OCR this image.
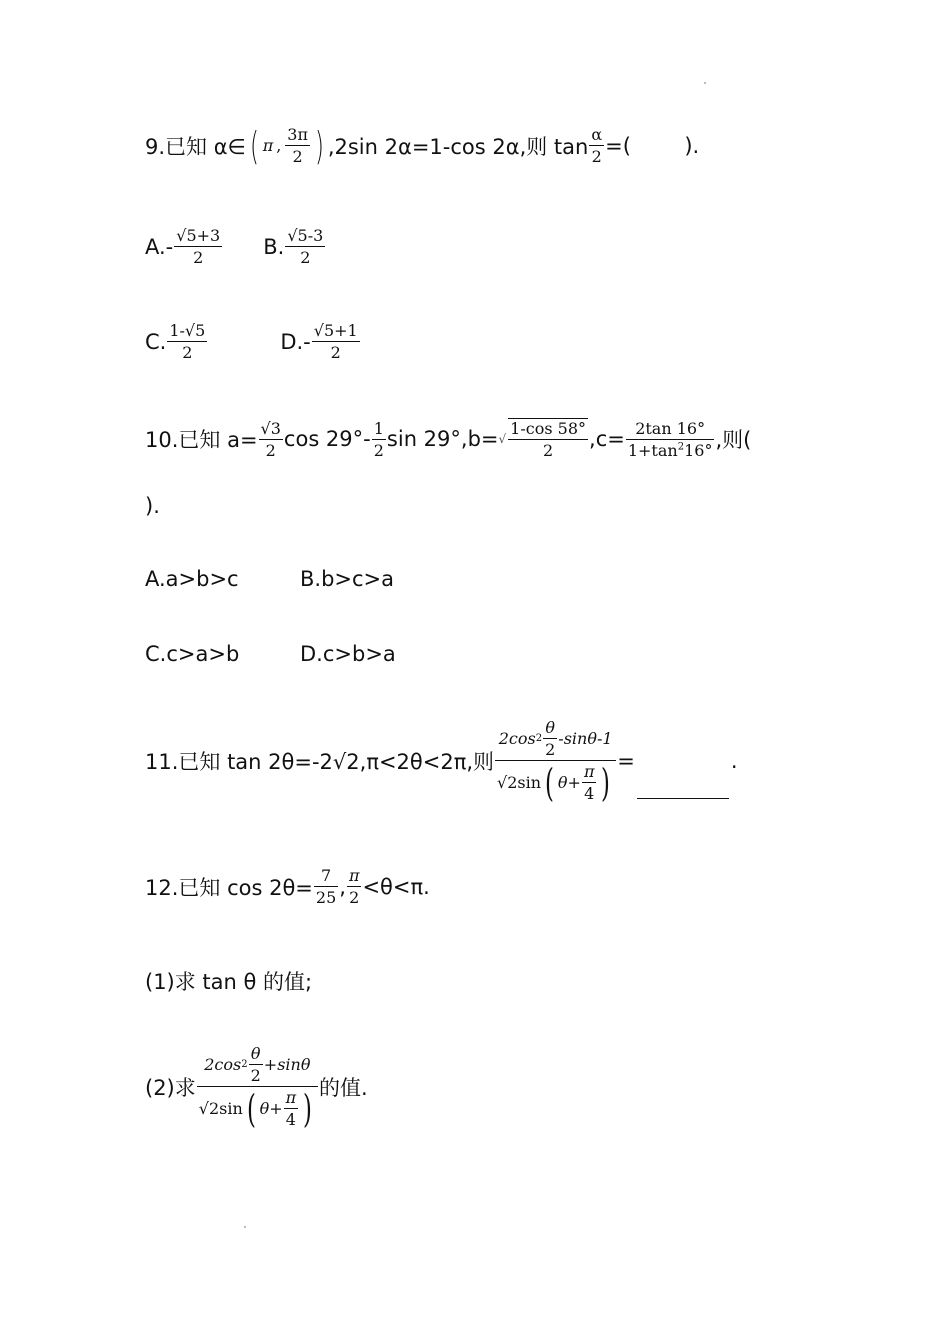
9.已知 α∈ ( π , $\frac{3\pi}{2}$ ) ,2sin 2α=1-cos 2α,则 $\tan \frac{\alpha}{2}$ =(        ).
$A.- \frac{√5+3}{2} B$. $\frac{√5-3}{2}$
C. $\frac{1-√5}{2}$	$D.- \frac{√5+1}{2}$
10.已知 $a= \frac{√3}{2}$ $\cos 29^\circ- \frac{1}{2}$ sin 29°,b= √ $\frac{1-\cos 58^\circ}{2} ,c= \frac{2\tan 16^\circ}{1+\tan^216^\circ}$ ,则(
).
A.a>b>c	B.b>c>a
C.c>a>b	D.c>b>a
11.已知 tan 2θ=-2√2,π<2θ<2π,则 $\frac{2\cos 2 \frac{\theta}{2} -\sin\theta-1}{√2\sin ( \theta+ \frac{\pi}{4} )}$ =	.
12.已知 $\cos 2\theta= \frac{7}{25}$ , $\frac{\pi}{2} <\theta<\pi$.
(1)求 tan θ 的值;
(2)求 $\frac{2\cos 2 \frac{\theta}{2} +\sin\theta}{√2\sin ( \theta+ \frac{\pi}{4} )}$ 的值.
